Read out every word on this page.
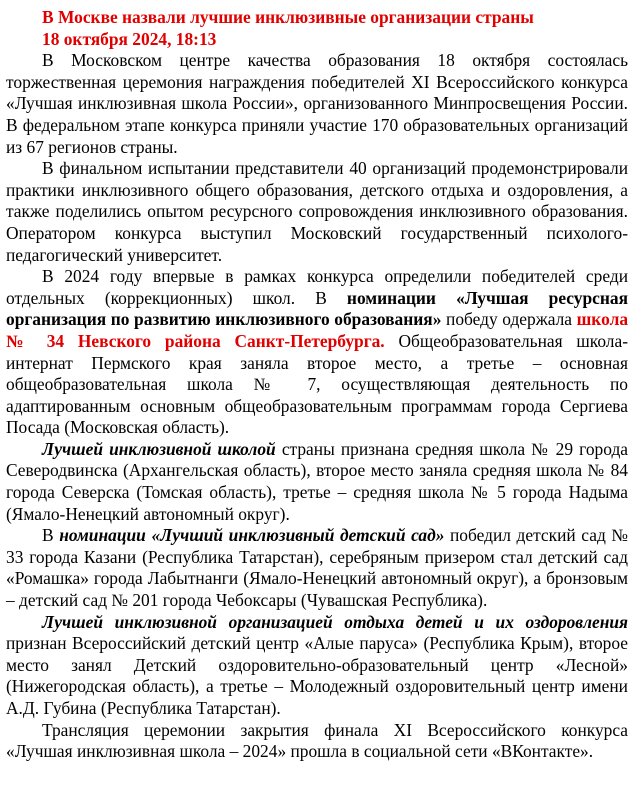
В Москве назвали лучшие инклюзивные организации страны
18 октября 2024, 18:13

В Московском центре качества образования 18 октября состоялась торжественная церемония награждения победителей XI Всероссийского конкурса «Лучшая инклюзивная школа России», организованного Минпросвещения России. В федеральном этапе конкурса приняли участие 170 образовательных организаций из 67 регионов страны.

В финальном испытании представители 40 организаций продемонстрировали практики инклюзивного общего образования, детского отдыха и оздоровления, а также поделились опытом ресурсного сопровождения инклюзивного образования. Оператором конкурса выступил Московский государственный психолого-педагогический университет.

В 2024 году впервые в рамках конкурса определили победителей среди отдельных (коррекционных) школ. В номинации «Лучшая ресурсная организация по развитию инклюзивного образования» победу одержала школа № 34 Невского района Санкт-Петербурга. Общеобразовательная школа-интернат Пермского края заняла второе место, а третье – основная общеобразовательная школа № 7, осуществляющая деятельность по адаптированным основным общеобразовательным программам города Сергиева Посада (Московская область).

Лучшей инклюзивной школой страны признана средняя школа № 29 города Северодвинска (Архангельская область), второе место заняла средняя школа № 84 города Северска (Томская область), третье – средняя школа № 5 города Надыма (Ямало-Ненецкий автономный округ).

В номинации «Лучший инклюзивный детский сад» победил детский сад № 33 города Казани (Республика Татарстан), серебряным призером стал детский сад «Ромашка» города Лабытнанги (Ямало-Ненецкий автономный округ), а бронзовым – детский сад № 201 города Чебоксары (Чувашская Республика).

Лучшей инклюзивной организацией отдыха детей и их оздоровления признан Всероссийский детский центр «Алые паруса» (Республика Крым), второе место занял Детский оздоровительно-образовательный центр «Лесной» (Нижегородская область), а третье – Молодежный оздоровительный центр имени А.Д. Губина (Республика Татарстан).

Трансляция церемонии закрытия финала XI Всероссийского конкурса «Лучшая инклюзивная школа – 2024» прошла в социальной сети «ВКонтакте».
